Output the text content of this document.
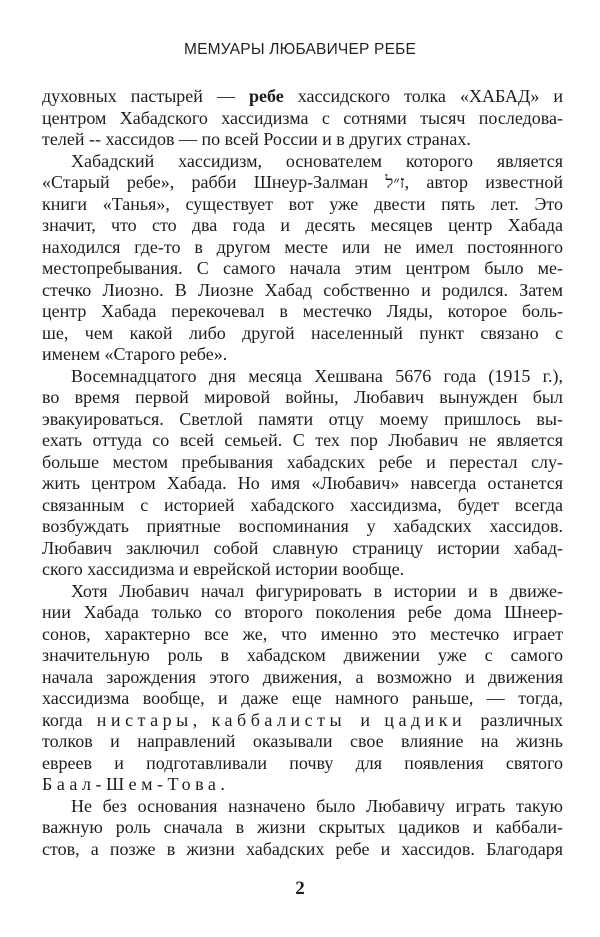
МЕМУАРЫ ЛЮБАВИЧЕР РЕБЕ
духовных пастырей — ребе хассидского толка «ХАБАД» и
центром Хабадского хассидизма с сотнями тысяч последова-
телей -- хассидов — по всей России и в других странах.
Хабадский хассидизм, основателем которого является
«Старый ребе», рабби Шнеур-Залман ז״ל, автор известной
книги «Танья», существует вот уже двести пять лет. Это
значит, что сто два года и десять месяцев центр Хабада
находился где-то в другом месте или не имел постоянного
местопребывания. С самого начала этим центром было ме-
стечко Лиозно. В Лиозне Хабад собственно и родился. Затем
центр Хабада перекочевал в местечко Ляды, которое боль-
ше, чем какой либо другой населенный пункт связано с
именем «Старого ребе».
Восемнадцатого дня месяца Хешвана 5676 года (1915 г.),
во время первой мировой войны, Любавич вынужден был
эвакуироваться. Светлой памяти отцу моему пришлось вы-
ехать оттуда со всей семьей. С тех пор Любавич не является
больше местом пребывания хабадских ребе и перестал слу-
жить центром Хабада. Но имя «Любавич» навсегда останется
связанным с историей хабадского хассидизма, будет всегда
возбуждать приятные воспоминания у хабадских хассидов.
Любавич заключил собой славную страницу истории хабад-
ского хассидизма и еврейской истории вообще.
Хотя Любавич начал фигурировать в истории и в движе-
нии Хабада только со второго поколения ребе дома Шнеер-
сонов, характерно все же, что именно это местечко играет
значительную роль в хабадском движении уже с самого
начала зарождения этого движения, а возможно и движения
хассидизма вообще, и даже еще намного раньше, — тогда,
когда нистары, каббалисты и цадики различных
толков и направлений оказывали свое влияние на жизнь
евреев и подготавливали почву для появления святого
Баал-Шем-Това.
Не без основания назначено было Любавичу играть такую
важную роль сначала в жизни скрытых цадиков и каббали-
стов, а позже в жизни хабадских ребе и хассидов. Благодаря
2
